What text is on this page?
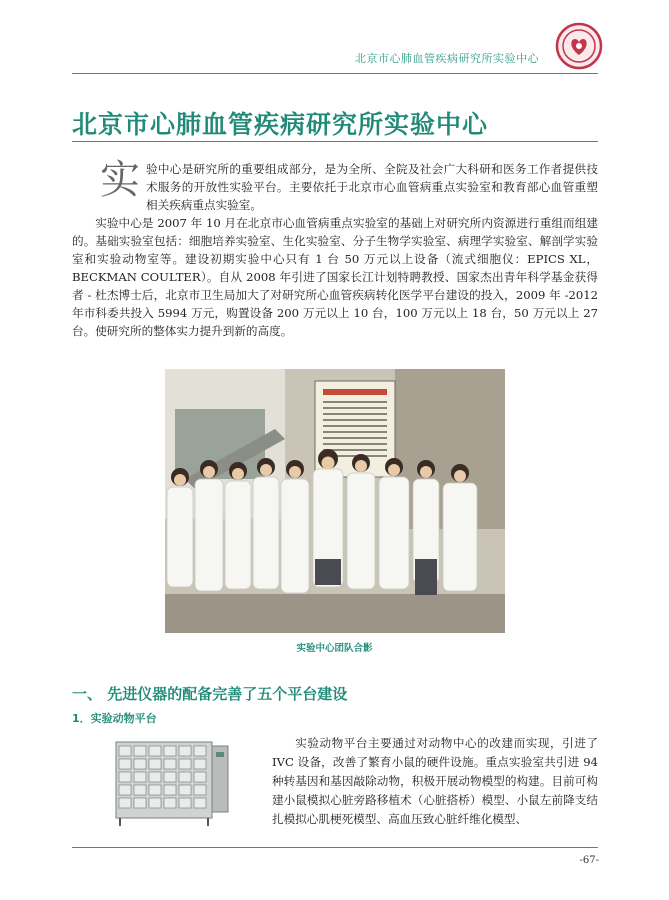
北京市心肺血管疾病研究所实验中心
北京市心肺血管疾病研究所实验中心

实验中心是研究所的重要组成部分，是为全所、全院及社会广大科研和医务工作者提供技术服务的开放性实验平台。主要依托于北京市心血管病重点实验室和教育部心血管重塑相关疾病重点实验室。

实验中心是 2007 年 10 月在北京市心血管病重点实验室的基础上对研究所内资源进行重组而组建的。基础实验室包括：细胞培养实验室、生化实验室、分子生物学实验室、病理学实验室、解剖学实验室和实验动物室等。建设初期实验中心只有 1 台 50 万元以上设备（流式细胞仪：EPICS XL，BECKMAN COULTER）。自从 2008 年引进了国家长江计划特聘教授、国家杰出青年科学基金获得者 - 杜杰博士后，北京市卫生局加大了对研究所心血管疾病转化医学平台建设的投入，2009 年 -2012 年市科委共投入 5994 万元，购置设备 200 万元以上 10 台，100 万元以上 18 台，50 万元以上 27 台。使研究所的整体实力提升到新的高度。

实验中心团队合影
一、 先进仪器的配备完善了五个平台建设
1．实验动物平台

实验动物平台主要通过对动物中心的改建而实现，引进了 IVC 设备，改善了繁育小鼠的硬件设施。重点实验室共引进 94 种转基因和基因敲除动物，积极开展动物模型的构建。目前可构建小鼠模拟心脏旁路移植术（心脏搭桥）模型、小鼠左前降支结扎模拟心肌梗死模型、高血压致心脏纤维化模型、

-67-
